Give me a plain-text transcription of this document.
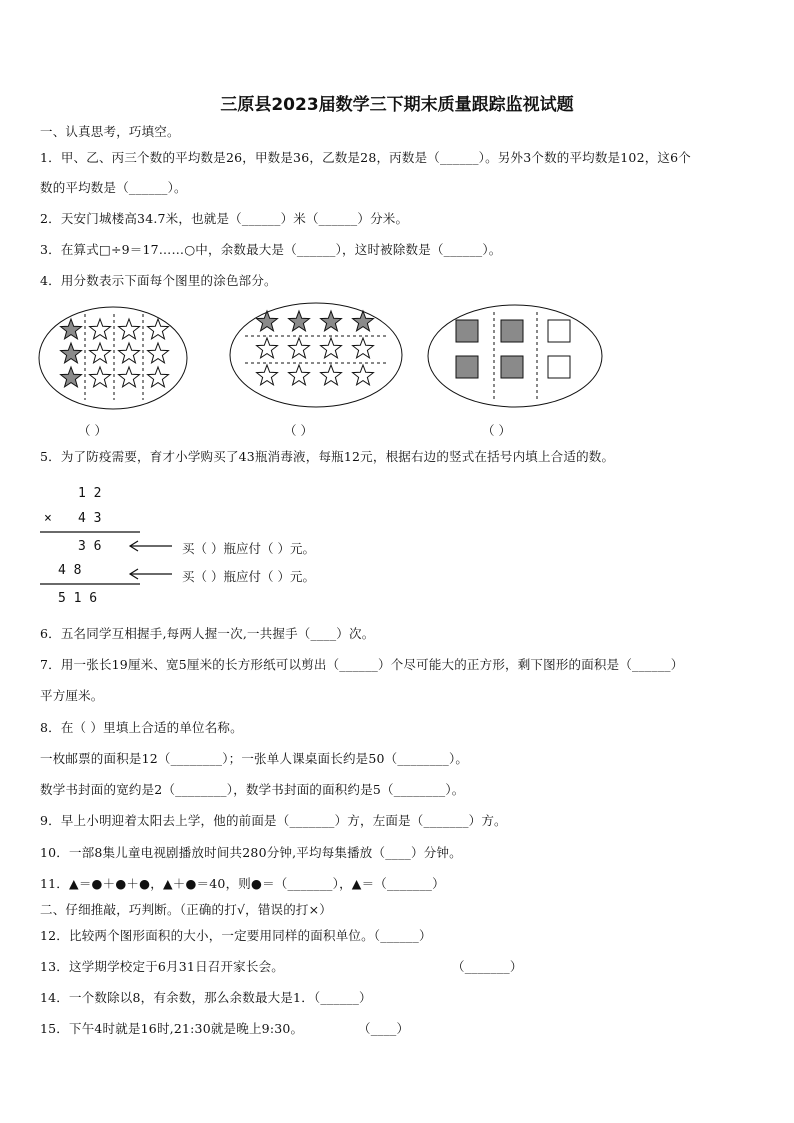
三原县2023届数学三下期末质量跟踪监视试题
一、认真思考，巧填空。
1．甲、乙、丙三个数的平均数是26，甲数是36，乙数是28，丙数是（______）。另外3个数的平均数是102，这6个
数的平均数是（______）。
2．天安门城楼高34.7米，也就是（______）米（______）分米。
3．在算式□÷9＝17……○中，余数最大是（______），这时被除数是（______）。
4．用分数表示下面每个图里的涂色部分。
（ ）	（ ）	（ ）
5．为了防疫需要，育才小学购买了43瓶消毒液，每瓶12元，根据右边的竖式在括号内填上合适的数。
1 2
× 4 3
3 6
4 8
5 1 6
买（ ）瓶应付（ ）元。
买（ ）瓶应付（ ）元。
6．五名同学互相握手,每两人握一次,一共握手（____）次。
7．用一张长19厘米、宽5厘米的长方形纸可以剪出（______）个尽可能大的正方形，剩下图形的面积是（______）
平方厘米。
8．在（ ）里填上合适的单位名称。
一枚邮票的面积是12（________）；一张单人课桌面长约是50（________）。
数学书封面的宽约是2（________），数学书封面的面积约是5（________）。
9．早上小明迎着太阳去上学，他的前面是（_______）方，左面是（_______）方。
10．一部8集儿童电视剧播放时间共280分钟,平均每集播放（____）分钟。
11．▲＝●＋●＋●，▲＋●＝40，则●＝（_______），▲＝（_______）
二、仔细推敲，巧判断。（正确的打√，错误的打×）
12．比较两个图形面积的大小，一定要用同样的面积单位。（______）
13．这学期学校定于6月31日召开家长会。	（_______）
14．一个数除以8，有余数，那么余数最大是1．（______）
15．下午4时就是16时,21:30就是晚上9:30。	（____）
